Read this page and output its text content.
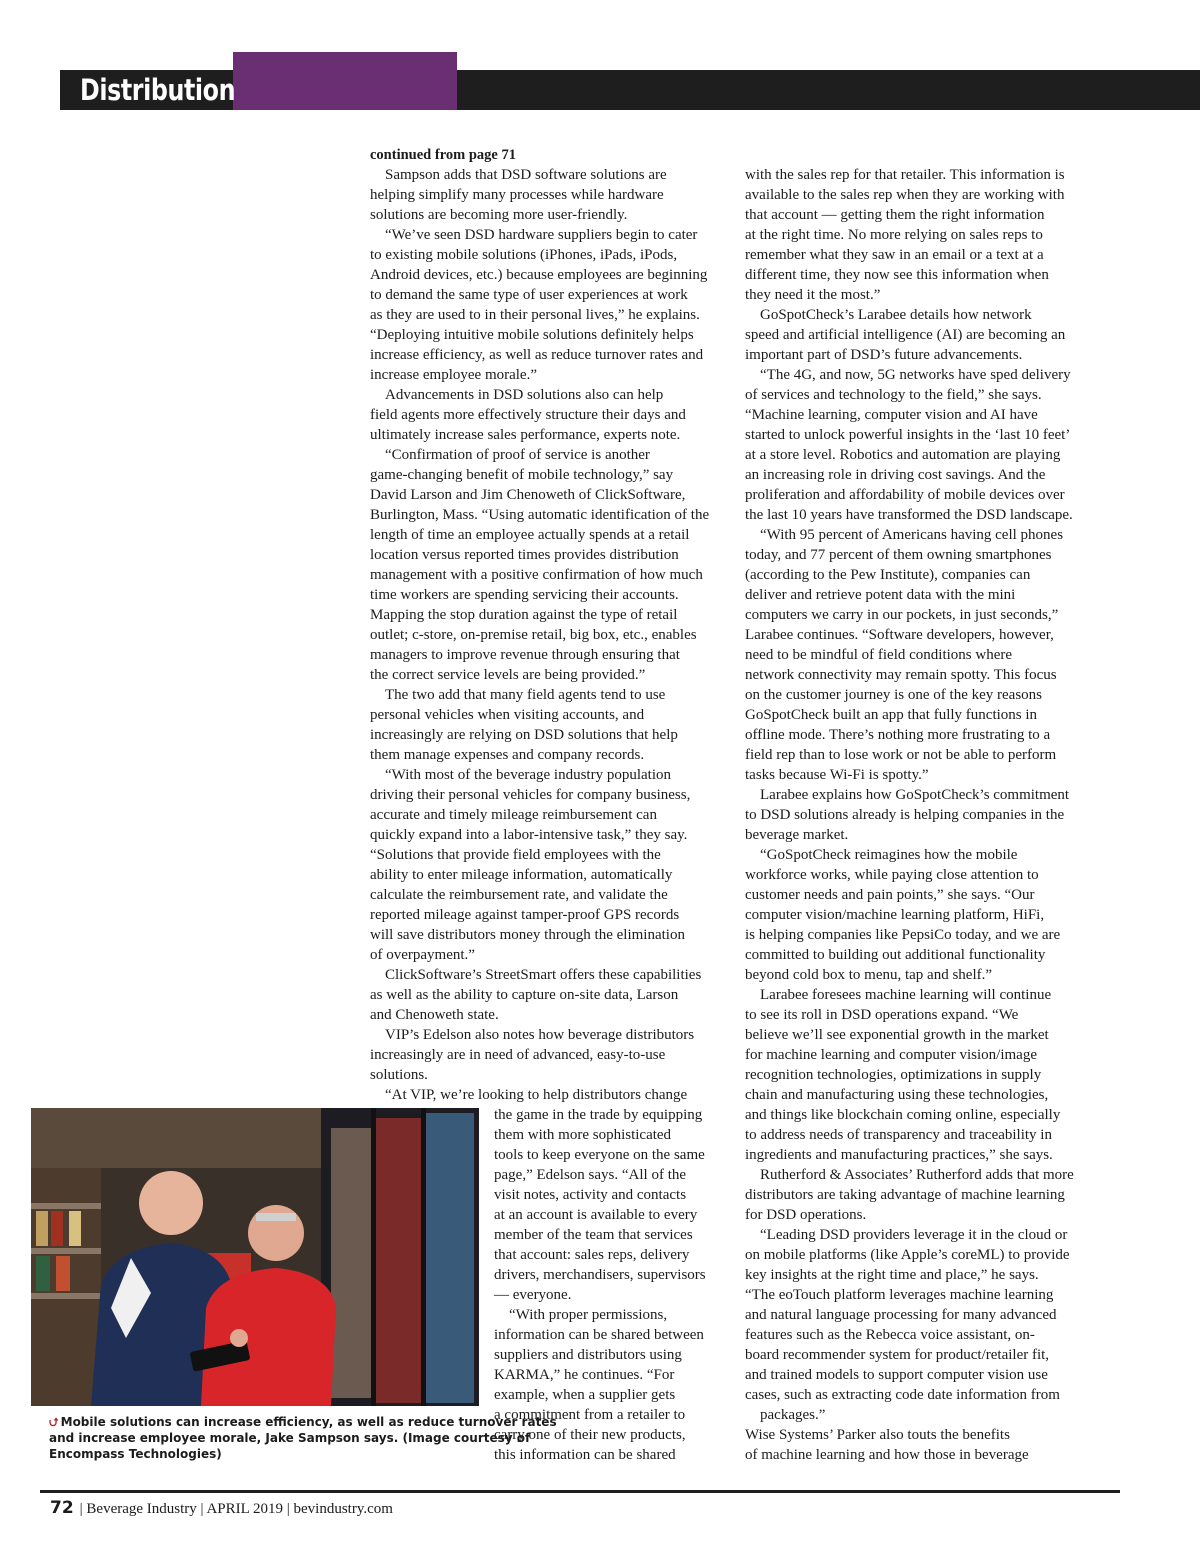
Distribution
continued from page 71

Sampson adds that DSD software solutions are

helping simplify many processes while hardware

solutions are becoming more user-friendly.

“We’ve seen DSD hardware suppliers begin to cater

to existing mobile solutions (iPhones, iPads, iPods,

Android devices, etc.) because employees are beginning

to demand the same type of user experiences at work

as they are used to in their personal lives,” he explains.

“Deploying intuitive mobile solutions definitely helps

increase efficiency, as well as reduce turnover rates and

increase employee morale.”

Advancements in DSD solutions also can help

field agents more effectively structure their days and

ultimately increase sales performance, experts note.

“Confirmation of proof of service is another

game-changing benefit of mobile technology,” say

David Larson and Jim Chenoweth of ClickSoftware,

Burlington, Mass. “Using automatic identification of the

length of time an employee actually spends at a retail

location versus reported times provides distribution

management with a positive confirmation of how much

time workers are spending servicing their accounts.

Mapping the stop duration against the type of retail

outlet; c-store, on-premise retail, big box, etc., enables

managers to improve revenue through ensuring that

the correct service levels are being provided.”

The two add that many field agents tend to use

personal vehicles when visiting accounts, and

increasingly are relying on DSD solutions that help

them manage expenses and company records.

“With most of the beverage industry population

driving their personal vehicles for company business,

accurate and timely mileage reimbursement can

quickly expand into a labor-intensive task,” they say.

“Solutions that provide field employees with the

ability to enter mileage information, automatically

calculate the reimbursement rate, and validate the

reported mileage against tamper-proof GPS records

will save distributors money through the elimination

of overpayment.”

ClickSoftware’s StreetSmart offers these capabilities

as well as the ability to capture on-site data, Larson

and Chenoweth state.

VIP’s Edelson also notes how beverage distributors

increasingly are in need of advanced, easy-to-use

solutions.

“At VIP, we’re looking to help distributors change

the game in the trade by equipping

them with more sophisticated

tools to keep everyone on the same

page,” Edelson says. “All of the

visit notes, activity and contacts

at an account is available to every

member of the team that services

that account: sales reps, delivery

drivers, merchandisers, supervisors

— everyone.

“With proper permissions,

information can be shared between

suppliers and distributors using

KARMA,” he continues. “For

example, when a supplier gets

a commitment from a retailer to

carry one of their new products,

this information can be shared

with the sales rep for that retailer. This information is

available to the sales rep when they are working with

that account — getting them the right information

at the right time. No more relying on sales reps to

remember what they saw in an email or a text at a

different time, they now see this information when

they need it the most.”

GoSpotCheck’s Larabee details how network

speed and artificial intelligence (AI) are becoming an

important part of DSD’s future advancements.

“The 4G, and now, 5G networks have sped delivery

of services and technology to the field,” she says.

“Machine learning, computer vision and AI have

started to unlock powerful insights in the ‘last 10 feet’

at a store level. Robotics and automation are playing

an increasing role in driving cost savings. And the

proliferation and affordability of mobile devices over

the last 10 years have transformed the DSD landscape.

“With 95 percent of Americans having cell phones

today, and 77 percent of them owning smartphones

(according to the Pew Institute), companies can

deliver and retrieve potent data with the mini

computers we carry in our pockets, in just seconds,”

Larabee continues. “Software developers, however,

need to be mindful of field conditions where

network connectivity may remain spotty. This focus

on the customer journey is one of the key reasons

GoSpotCheck built an app that fully functions in

offline mode. There’s nothing more frustrating to a

field rep than to lose work or not be able to perform

tasks because Wi-Fi is spotty.”

Larabee explains how GoSpotCheck’s commitment

to DSD solutions already is helping companies in the

beverage market.

“GoSpotCheck reimagines how the mobile

workforce works, while paying close attention to

customer needs and pain points,” she says. “Our

computer vision/machine learning platform, HiFi,

is helping companies like PepsiCo today, and we are

committed to building out additional functionality

beyond cold box to menu, tap and shelf.”

Larabee foresees machine learning will continue

to see its roll in DSD operations expand. “We

believe we’ll see exponential growth in the market

for machine learning and computer vision/image

recognition technologies, optimizations in supply

chain and manufacturing using these technologies,

and things like blockchain coming online, especially

to address needs of transparency and traceability in

ingredients and manufacturing practices,” she says.

Rutherford & Associates’ Rutherford adds that more

distributors are taking advantage of machine learning

for DSD operations.

“Leading DSD providers leverage it in the cloud or

on mobile platforms (like Apple’s coreML) to provide

key insights at the right time and place,” he says.

“The eoTouch platform leverages machine learning

and natural language processing for many advanced

features such as the Rebecca voice assistant, on-

board recommender system for product/retailer fit,

and trained models to support computer vision use

cases, such as extracting code date information from

packages.”

Wise Systems’ Parker also touts the benefits

of machine learning and how those in beverage

⮍ Mobile solutions can increase efficiency, as well as reduce turnover rates
and increase employee morale, Jake Sampson says. (Image courtesy of
Encompass Technologies)
72 | Beverage Industry | APRIL 2019 | bevindustry.com
